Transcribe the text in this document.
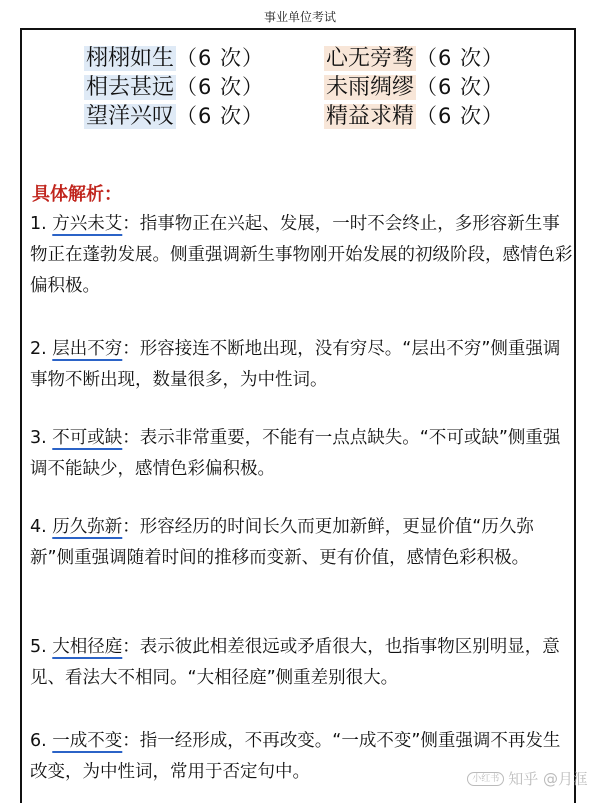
事业单位考试
栩栩如生（6 次）	心无旁骛（6 次）
相去甚远（6 次）	未雨绸缪（6 次）
望洋兴叹（6 次）	精益求精（6 次）
具体解析：
1. 方兴未艾：指事物正在兴起、发展，一时不会终止，多形容新生事物正在蓬勃发展。侧重强调新生事物刚开始发展的初级阶段，感情色彩偏积极。
2. 层出不穷：形容接连不断地出现，没有穷尽。“层出不穷”侧重强调事物不断出现，数量很多，为中性词。
3. 不可或缺：表示非常重要，不能有一点点缺失。“不可或缺”侧重强调不能缺少，感情色彩偏积极。
4. 历久弥新：形容经历的时间长久而更加新鲜，更显价值“历久弥新”侧重强调随着时间的推移而变新、更有价值，感情色彩积极。
5. 大相径庭：表示彼此相差很远或矛盾很大，也指事物区别明显，意见、看法大不相同。“大相径庭”侧重差别很大。
6. 一成不变：指一经形成，不再改变。“一成不变”侧重强调不再发生改变，为中性词，常用于否定句中。	小红书 知乎 @月洭
